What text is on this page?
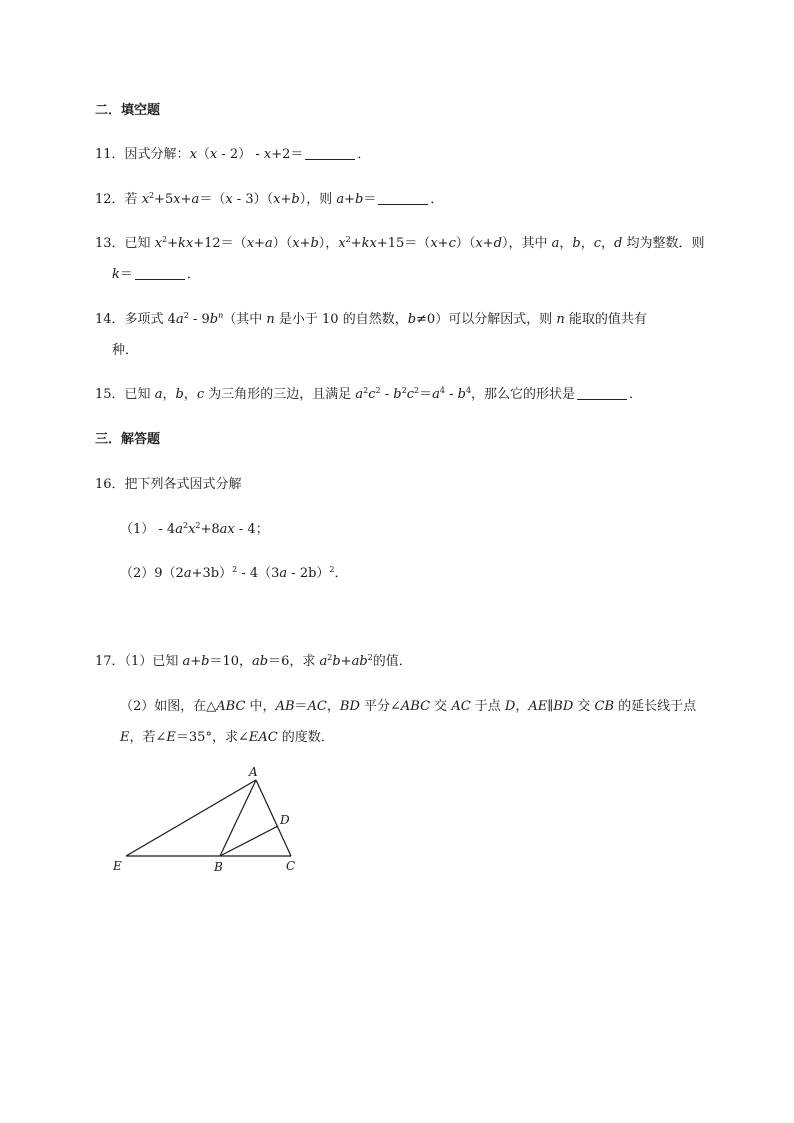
二．填空题
11．因式分解：x（x - 2） - x+2＝	．
12．若 $x^2+5x+a=(x - 3)(x+b)$，则 a+b＝	．
13．已知 $x^2+kx+12=(x+a)(x+b)$，$x^2+kx+15=(x+c)(x+d)$，其中 a，b，c，d 均为整数．则
k＝	．
14．多项式 $4a^2 - 9b^n$（其中 n 是小于 10 的自然数，b≠0）可以分解因式，则 n 能取的值共有
种．
15．已知 a，b，c 为三角形的三边，且满足 $a^2c^2 - b^2c^2=a^4 - b^4$，那么它的形状是	．
三．解答题
16．把下列各式因式分解
$(1) - 4a^2x^2+8ax - 4$；
$(2)9(2a+3b)^2 - 4(3a - 2b)^2$．
17．（1）已知 a+b＝10，ab＝6，求 $a^2b+ab^2$的值．
（2）如图，在△ABC 中，AB＝AC，BD 平分∠ABC 交 AC 于点 D，AE∥BD 交 CB 的延长线于点
E，若∠E＝35°，求∠EAC 的度数．
A
D
E	B	C
